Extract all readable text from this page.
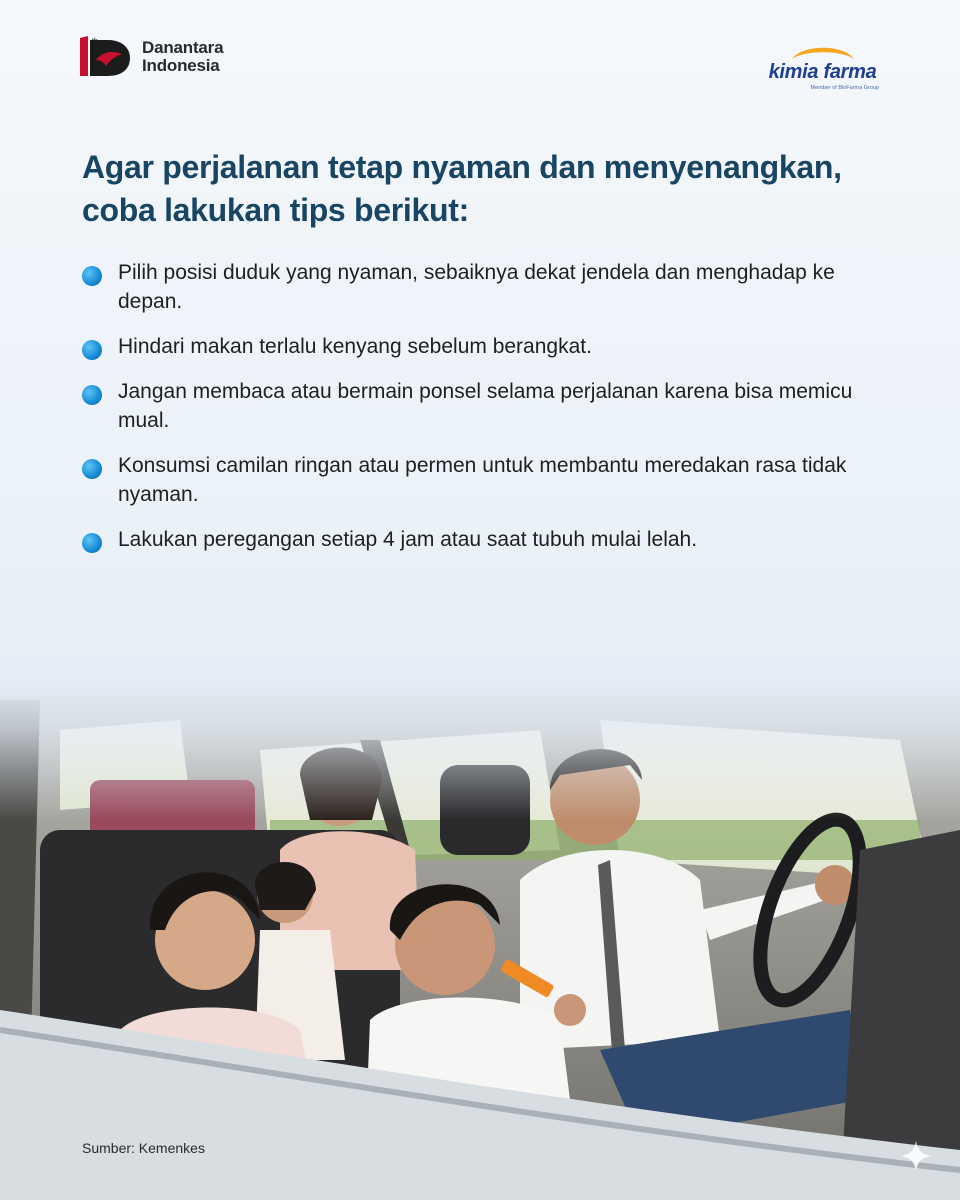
th	Danantara
Indonesia	kimia farma
Member of BioFarma Group
Agar perjalanan tetap nyaman dan menyenangkan, coba lakukan tips berikut:
Pilih posisi duduk yang nyaman, sebaiknya dekat jendela dan menghadap ke depan.
Hindari makan terlalu kenyang sebelum berangkat.
Jangan membaca atau bermain ponsel selama perjalanan karena bisa memicu mual.
Konsumsi camilan ringan atau permen untuk membantu meredakan rasa tidak nyaman.
Lakukan peregangan setiap 4 jam atau saat tubuh mulai lelah.
Sumber: Kemenkes
